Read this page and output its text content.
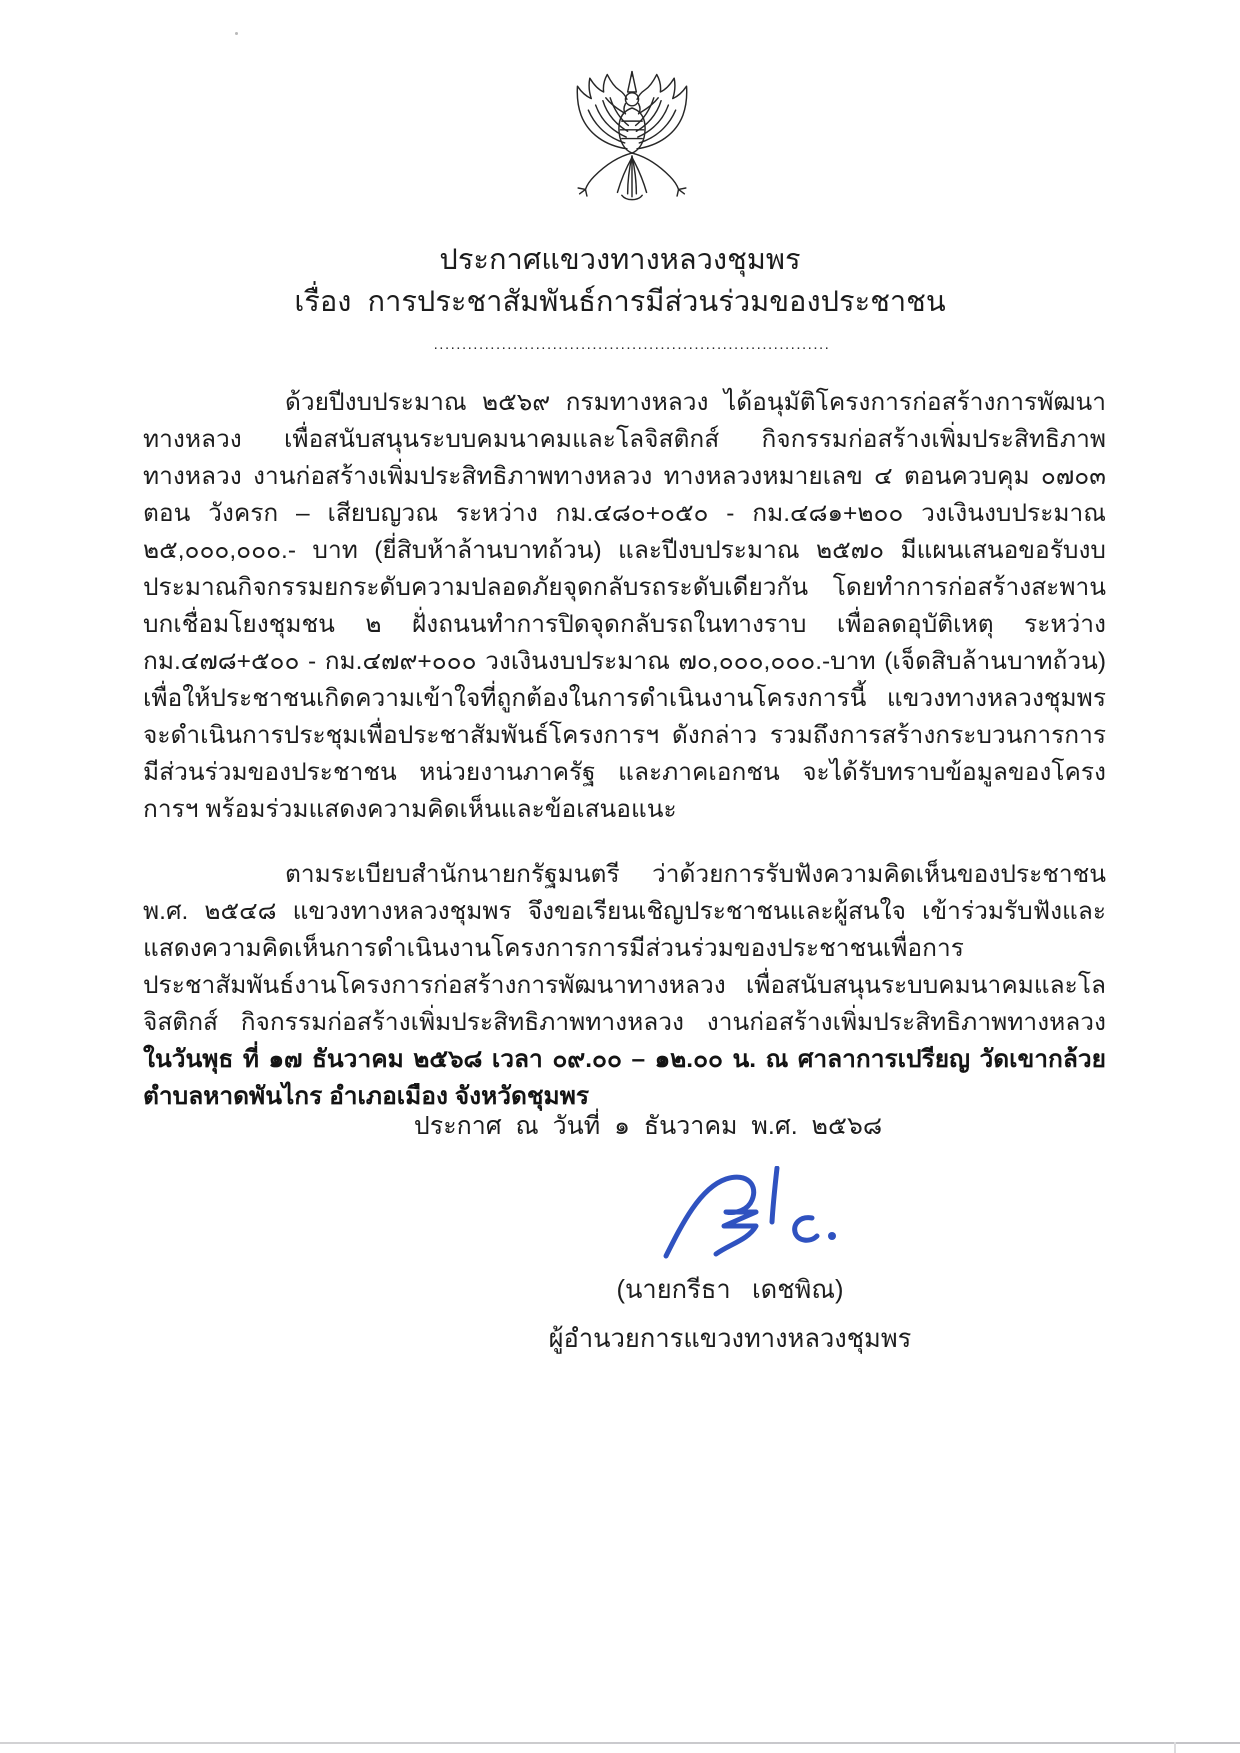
ประกาศแขวงทางหลวงชุมพร
เรื่อง  การประชาสัมพันธ์การมีส่วนร่วมของประชาชน
......................................................................

ด้วยปีงบประมาณ ๒๕๖๙ กรมทางหลวง ได้อนุมัติโครงการก่อสร้างการพัฒนาทางหลวง เพื่อสนับสนุนระบบคมนาคมและโลจิสติกส์ กิจกรรมก่อสร้างเพิ่มประสิทธิภาพทางหลวง งานก่อสร้างเพิ่มประสิทธิภาพทางหลวง ทางหลวงหมายเลข ๔ ตอนควบคุม ๐๗๐๓ ตอน วังครก – เสียบญวณ ระหว่าง กม.๔๘๐+๐๕๐ - กม.๔๘๑+๒๐๐ วงเงินงบประมาณ ๒๕,๐๐๐,๐๐๐.- บาท (ยี่สิบห้าล้านบาทถ้วน) และปีงบประมาณ ๒๕๗๐ มีแผนเสนอขอรับงบประมาณกิจกรรมยกระดับความปลอดภัยจุดกลับรถระดับเดียวกัน โดยทำการก่อสร้างสะพานบกเชื่อมโยงชุมชน ๒ ฝั่งถนนทำการปิดจุดกลับรถในทางราบ เพื่อลดอุบัติเหตุ ระหว่าง กม.๔๗๘+๕๐๐ - กม.๔๗๙+๐๐๐ วงเงินงบประมาณ ๗๐,๐๐๐,๐๐๐.-บาท (เจ็ดสิบล้านบาทถ้วน) เพื่อให้ประชาชนเกิดความเข้าใจที่ถูกต้องในการดำเนินงานโครงการนี้ แขวงทางหลวงชุมพรจะดำเนินการประชุมเพื่อประชาสัมพันธ์โครงการฯ ดังกล่าว รวมถึงการสร้างกระบวนการการมีส่วนร่วมของประชาชน หน่วยงานภาครัฐ และภาคเอกชน จะได้รับทราบข้อมูลของโครงการฯ พร้อมร่วมแสดงความคิดเห็นและข้อเสนอแนะ

ตามระเบียบสำนักนายกรัฐมนตรี ว่าด้วยการรับฟังความคิดเห็นของประชาชน พ.ศ. ๒๕๔๘ แขวงทางหลวงชุมพร จึงขอเรียนเชิญประชาชนและผู้สนใจ เข้าร่วมรับฟังและแสดงความคิดเห็นการดำเนินงานโครงการการมีส่วนร่วมของประชาชนเพื่อการประชาสัมพันธ์งานโครงการก่อสร้างการพัฒนาทางหลวง เพื่อสนับสนุนระบบคมนาคมและโลจิสติกส์ กิจกรรมก่อสร้างเพิ่มประสิทธิภาพทางหลวง งานก่อสร้างเพิ่มประสิทธิภาพทางหลวง ในวันพุธ ที่ ๑๗ ธันวาคม ๒๕๖๘ เวลา ๐๙.๐๐ – ๑๒.๐๐ น. ณ ศาลาการเปรียญ วัดเขากล้วย ตำบลหาดพันไกร อำเภอเมือง จังหวัดชุมพร

ประกาศ  ณ  วันที่  ๑  ธันวาคม  พ.ศ.  ๒๕๖๘
(นายกรีธา   เดชพิณ)
ผู้อำนวยการแขวงทางหลวงชุมพร
